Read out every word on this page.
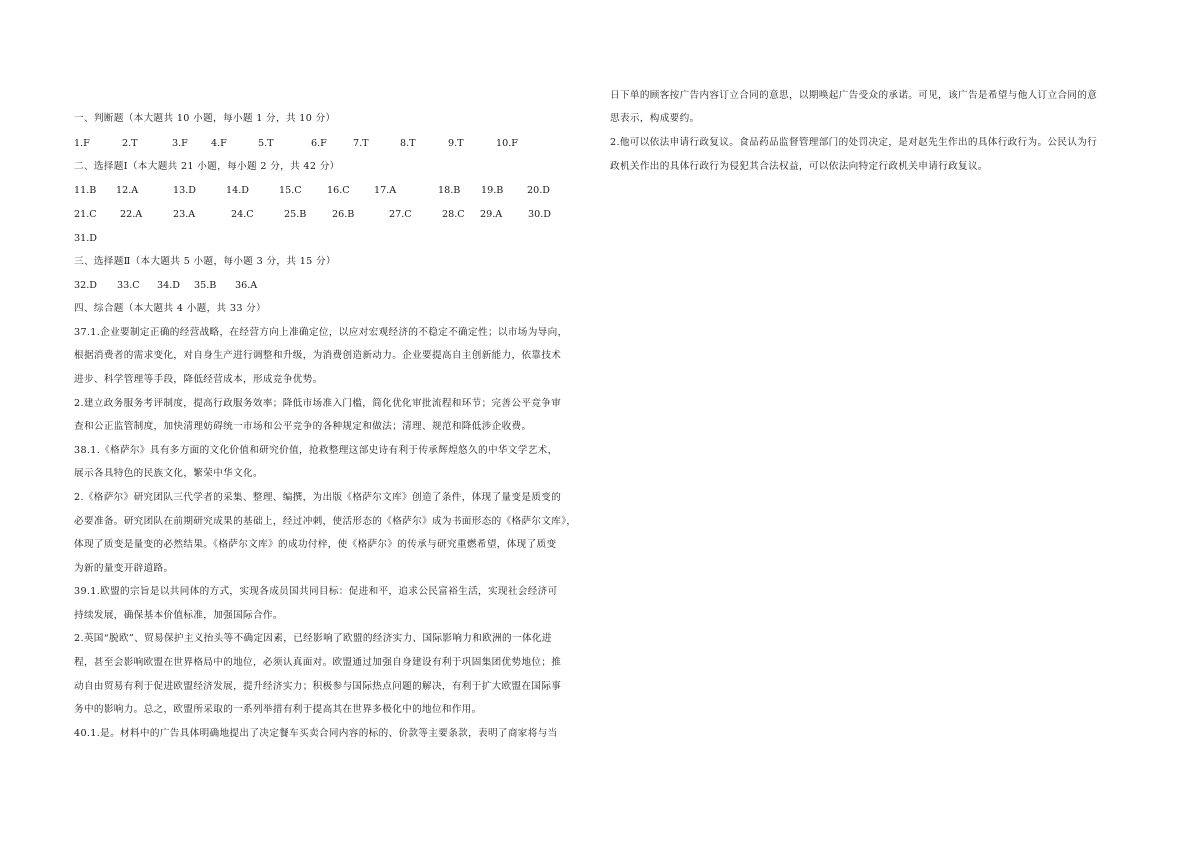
一、判断题（本大题共 10 小题，每小题 1 分，共 10 分）
1.F	2.T	3.F 4.F	5.T	6.F	7.T	8.T	9.T	10.F
二、选择题Ⅰ（本大题共 21 小题，每小题 2 分，共 42 分）
11.B 12.A	13.D	14.D	15.C	16.C	17.A	18.B 19.B 20.D
21.C 22.A	23.A	24.C	25.B	26.B	27.C	28.C 29.A	30.D
31.D
三、选择题Ⅱ（本大题共 5 小题，每小题 3 分，共 15 分）
32.D 33.C 34.D 35.B 36.A
四、综合题（本大题共 4 小题，共 33 分）
37.1.企业要制定正确的经营战略，在经营方向上准确定位，以应对宏观经济的不稳定不确定性；以市场为导向，
根据消费者的需求变化，对自身生产进行调整和升级，为消费创造新动力。企业要提高自主创新能力，依靠技术
进步、科学管理等手段，降低经营成本，形成竞争优势。
2.建立政务服务考评制度，提高行政服务效率；降低市场准入门槛，简化优化审批流程和环节；完善公平竞争审
查和公正监管制度，加快清理妨碍统一市场和公平竞争的各种规定和做法；清理、规范和降低涉企收费。
38.1.《格萨尔》具有多方面的文化价值和研究价值，抢救整理这部史诗有利于传承辉煌悠久的中华文学艺术，
展示各具特色的民族文化，繁荣中华文化。
2.《格萨尔》研究团队三代学者的采集、整理、编撰，为出版《格萨尔文库》创造了条件，体现了量变是质变的
必要准备。研究团队在前期研究成果的基础上，经过冲刺，使活形态的《格萨尔》成为书面形态的《格萨尔文库》，
体现了质变是量变的必然结果。《格萨尔文库》的成功付梓，使《格萨尔》的传承与研究重燃希望，体现了质变
为新的量变开辟道路。
39.1.欧盟的宗旨是以共同体的方式，实现各成员国共同目标：促进和平，追求公民富裕生活，实现社会经济可
持续发展，确保基本价值标准，加强国际合作。
2.英国“脱欧”、贸易保护主义抬头等不确定因素，已经影响了欧盟的经济实力、国际影响力和欧洲的一体化进
程，甚至会影响欧盟在世界格局中的地位，必须认真面对。欧盟通过加强自身建设有利于巩固集团优势地位；推
动自由贸易有利于促进欧盟经济发展，提升经济实力；积极参与国际热点问题的解决，有利于扩大欧盟在国际事
务中的影响力。总之，欧盟所采取的一系列举措有利于提高其在世界多极化中的地位和作用。
40.1.是。材料中的广告具体明确地提出了决定餐车买卖合同内容的标的、价款等主要条款，表明了商家将与当
日下单的顾客按广告内容订立合同的意思，以期唤起广告受众的承诺。可见，该广告是希望与他人订立合同的意
思表示，构成要约。
2.他可以依法申请行政复议。食品药品监督管理部门的处罚决定，是对赵先生作出的具体行政行为。公民认为行
政机关作出的具体行政行为侵犯其合法权益，可以依法向特定行政机关申请行政复议。
